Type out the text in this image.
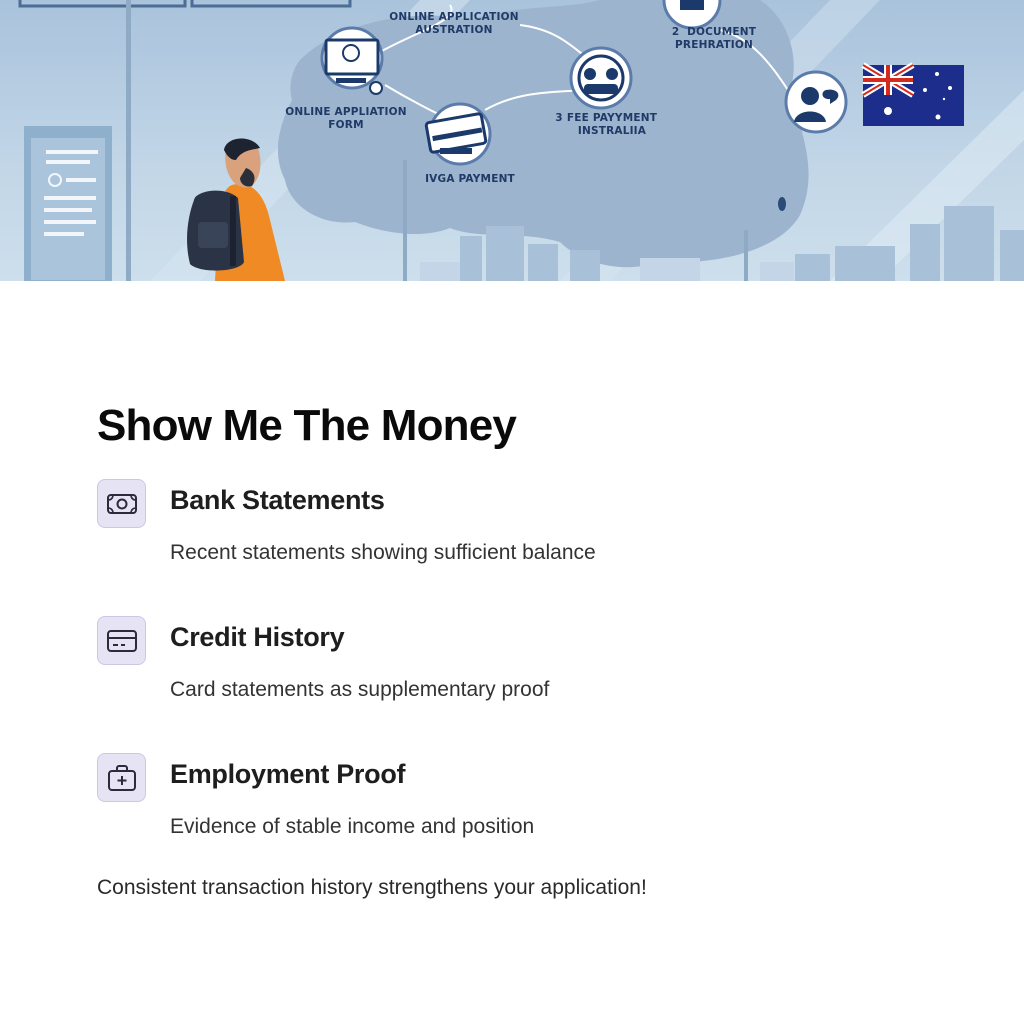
ONLINE APPLICATION
AUSTRATION	2  DOCUMENT
PREHRATION
ONLINE APPLIATION FORM
3 FEE PAYYMENT
INSTRALIIA
IVGA PAYMENT
Show Me The Money
Bank Statements
Recent statements showing sufficient balance
Credit History
Card statements as supplementary proof
Employment Proof
Evidence of stable income and position
Consistent transaction history strengthens your application!
